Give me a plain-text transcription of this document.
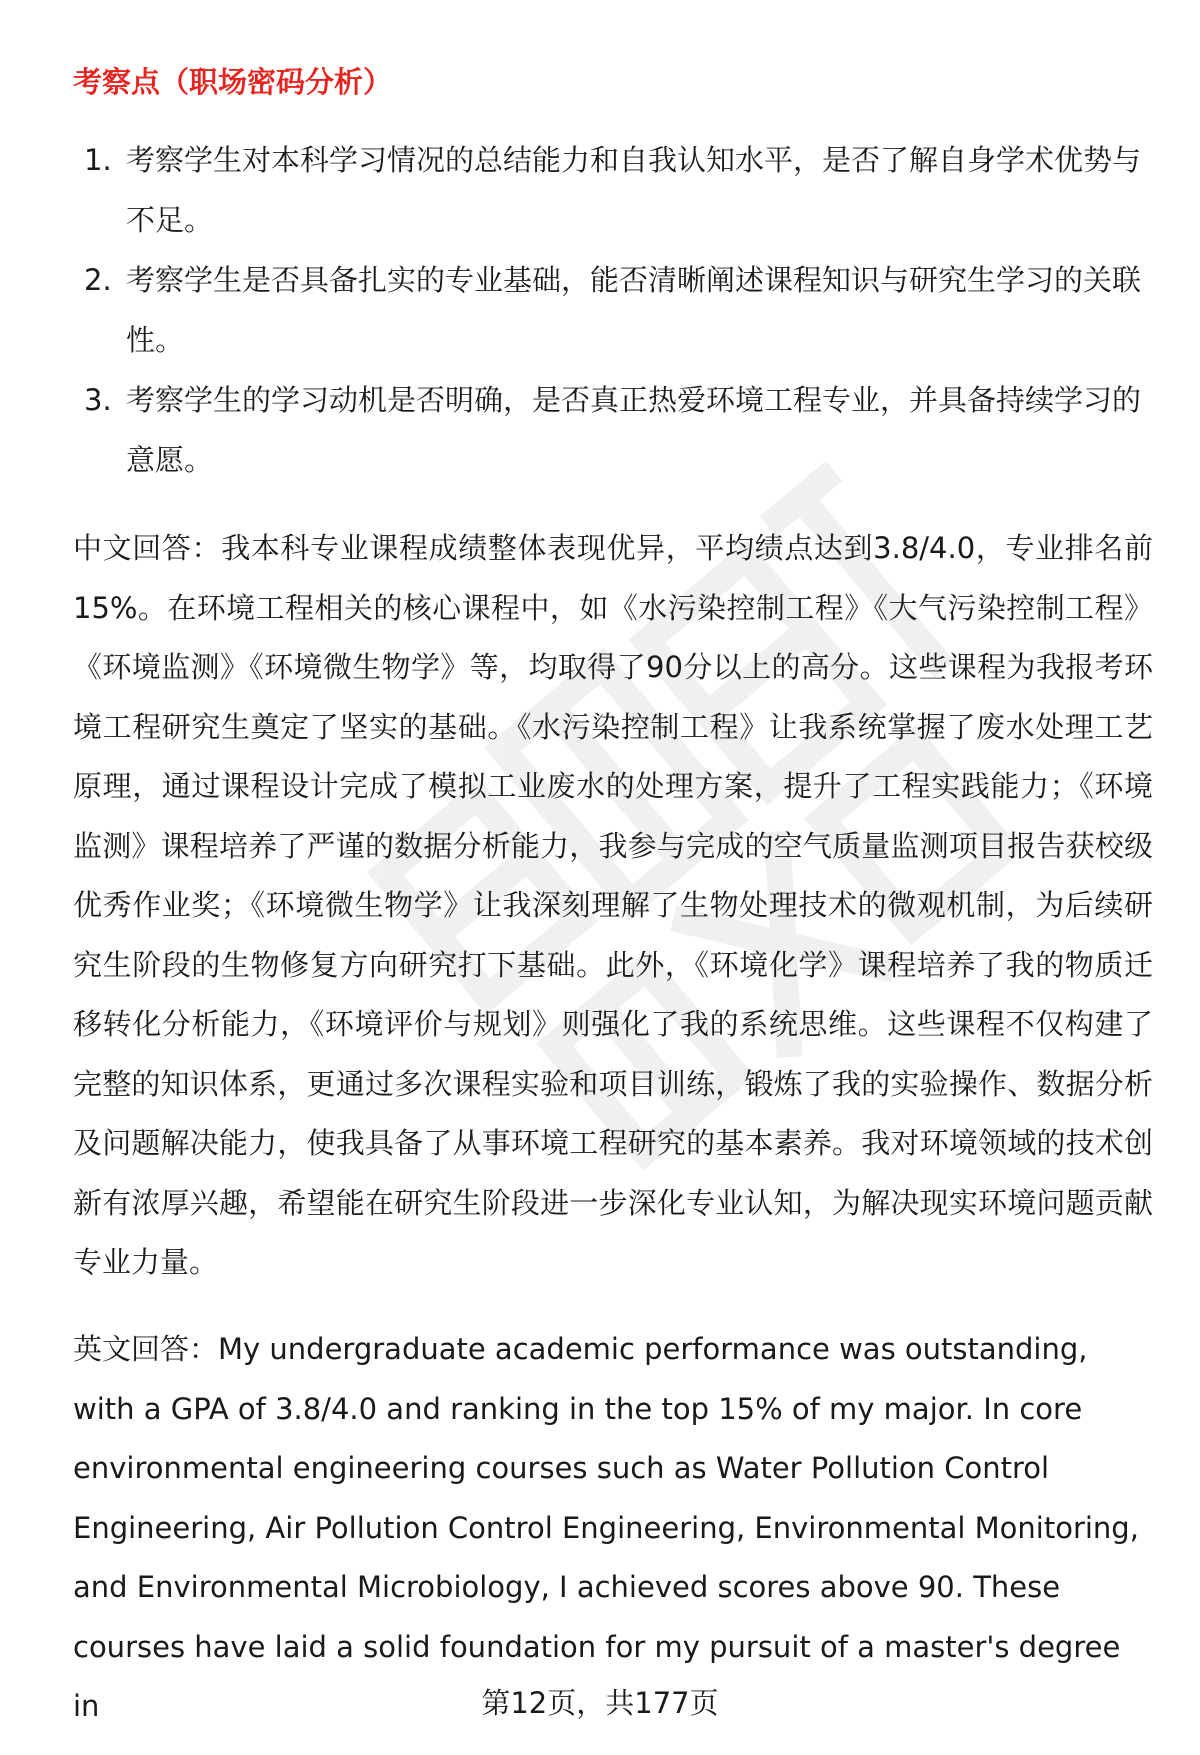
考察点（职场密码分析）
1. 考察学生对本科学习情况的总结能力和自我认知水平，是否了解自身学术优势与不足。
2. 考察学生是否具备扎实的专业基础，能否清晰阐述课程知识与研究生学习的关联性。
3. 考察学生的学习动机是否明确，是否真正热爱环境工程专业，并具备持续学习的意愿。

中文回答：我本科专业课程成绩整体表现优异，平均绩点达到3.8/4.0，专业排名前15%。在环境工程相关的核心课程中，如《水污染控制工程》《大气污染控制工程》《环境监测》《环境微生物学》等，均取得了90分以上的高分。这些课程为我报考环境工程研究生奠定了坚实的基础。《水污染控制工程》让我系统掌握了废水处理工艺原理，通过课程设计完成了模拟工业废水的处理方案，提升了工程实践能力；《环境监测》课程培养了严谨的数据分析能力，我参与完成的空气质量监测项目报告获校级优秀作业奖；《环境微生物学》让我深刻理解了生物处理技术的微观机制，为后续研究生阶段的生物修复方向研究打下基础。此外，《环境化学》课程培养了我的物质迁移转化分析能力，《环境评价与规划》则强化了我的系统思维。这些课程不仅构建了完整的知识体系，更通过多次课程实验和项目训练，锻炼了我的实验操作、数据分析及问题解决能力，使我具备了从事环境工程研究的基本素养。我对环境领域的技术创新有浓厚兴趣，希望能在研究生阶段进一步深化专业认知，为解决现实环境问题贡献专业力量。

英文回答：My undergraduate academic performance was outstanding, with a GPA of 3.8/4.0 and ranking in the top 15% of my major. In core environmental engineering courses such as Water Pollution Control Engineering, Air Pollution Control Engineering, Environmental Monitoring, and Environmental Microbiology, I achieved scores above 90. These courses have laid a solid foundation for my pursuit of a master's degree in	第12页，共177页
